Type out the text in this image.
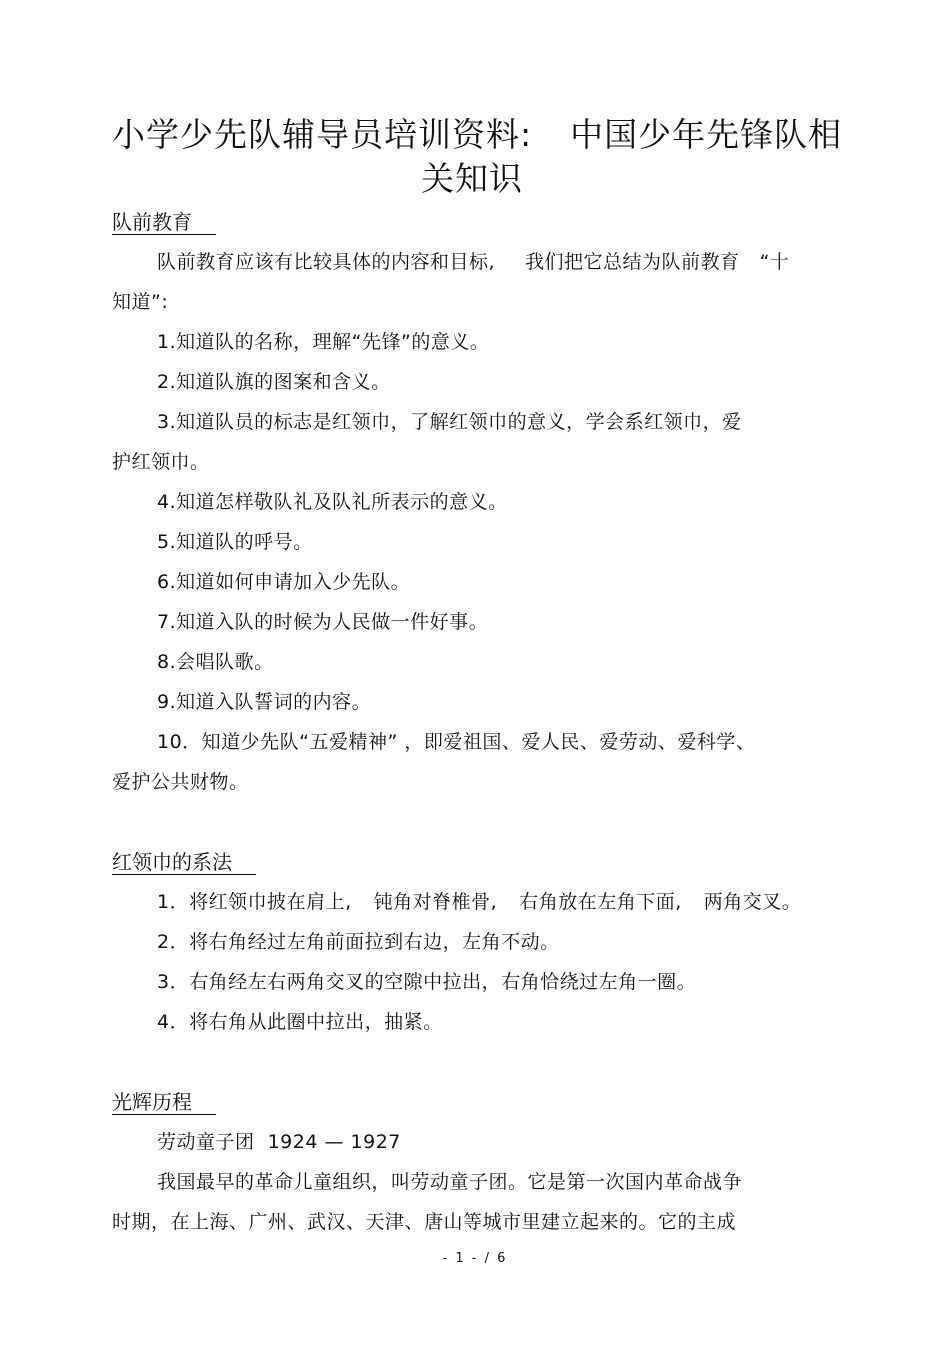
小学少先队辅导员培训资料: 中国少年先锋队相
关知识
队前教育
队前教育应该有比较具体的内容和目标, 我们把它总结为队前教育 “十
知道”:
1.知道队的名称，理解“先锋”的意义。
2.知道队旗的图案和含义。
3.知道队员的标志是红领巾，了解红领巾的意义，学会系红领巾，爱
护红领巾。
4.知道怎样敬队礼及队礼所表示的意义。
5.知道队的呼号。
6.知道如何申请加入少先队。
7.知道入队的时候为人民做一件好事。
8.会唱队歌。
9.知道入队誓词的内容。
10．知道少先队“五爱精神” ，即爱祖国、爱人民、爱劳动、爱科学、
爱护公共财物。
红领巾的系法
1．将红领巾披在肩上, 钝角对脊椎骨, 右角放在左角下面, 两角交叉。
2．将右角经过左角前面拉到右边，左角不动。
3．右角经左右两角交叉的空隙中拉出，右角恰绕过左角一圈。
4．将右角从此圈中拉出，抽紧。
光辉历程
劳动童子团  1924 — 1927
我国最早的革命儿童组织，叫劳动童子团。它是第一次国内革命战争
时期，在上海、广州、武汉、天津、唐山等城市里建立起来的。它的主成
- 1 - / 6
